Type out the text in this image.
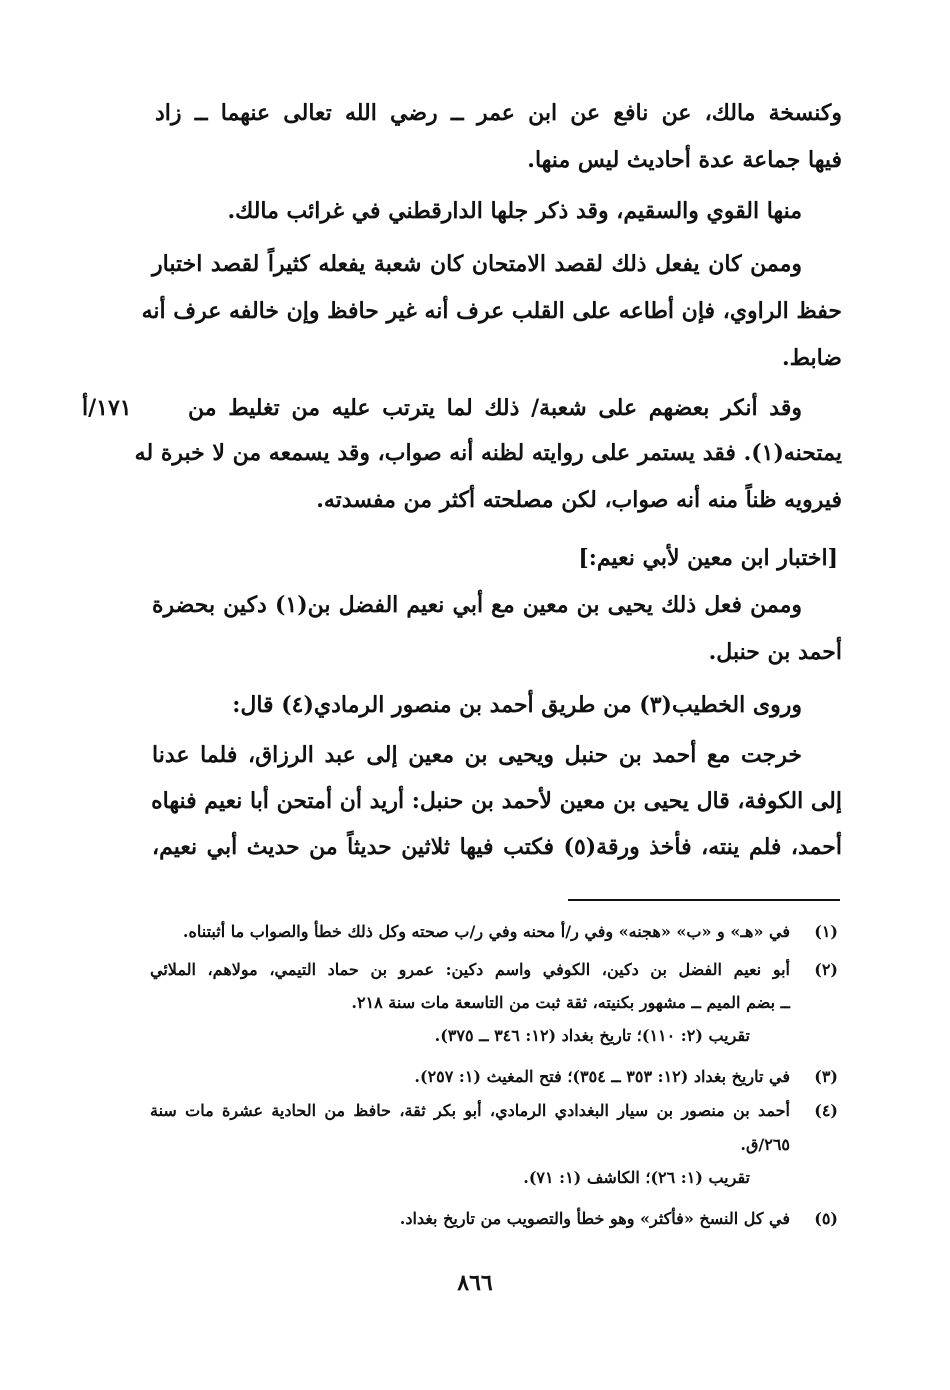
وكنسخة مالك، عن نافع عن ابن عمر ــ رضي الله تعالى عنهما ــ زاد
فيها جماعة عدة أحاديث ليس منها.
منها القوي والسقيم، وقد ذكر جلها الدارقطني في غرائب مالك.
وممن كان يفعل ذلك لقصد الامتحان كان شعبة يفعله كثيراً لقصد اختبار
حفظ الراوي، فإن أطاعه على القلب عرف أنه غير حافظ وإن خالفه عرف أنه
ضابط.
وقد أنكر بعضهم على شعبة/ ذلك لما يترتب عليه من تغليط من
١٧١/أ
يمتحنه(١). فقد يستمر على روايته لظنه أنه صواب، وقد يسمعه من لا خبرة له
فيرويه ظناً منه أنه صواب، لكن مصلحته أكثر من مفسدته.
[اختبار ابن معين لأبي نعيم:]
وممن فعل ذلك يحيى بن معين مع أبي نعيم الفضل بن(١) دكين بحضرة
أحمد بن حنبل.
وروى الخطيب(٣) من طريق أحمد بن منصور الرمادي(٤) قال:
خرجت مع أحمد بن حنبل ويحيى بن معين إلى عبد الرزاق، فلما عدنا
إلى الكوفة، قال يحيى بن معين لأحمد بن حنبل: أريد أن أمتحن أبا نعيم فنهاه
أحمد، فلم ينته، فأخذ ورقة(٥) فكتب فيها ثلاثين حديثاً من حديث أبي نعيم،
(١)
في «هـ» و «ب» «هجنه» وفي ر/أ محنه وفي ر/ب صحته وكل ذلك خطأ والصواب ما أثبتناه.
(٢)
أبو نعيم الفضل بن دكين، الكوفي واسم دكين: عمرو بن حماد التيمي، مولاهم، الملائي
ــ بضم الميم ــ مشهور بكنيته، ثقة ثبت من التاسعة مات سنة ٢١٨.
تقريب (٢: ١١٠)؛ تاريخ بغداد (١٢: ٣٤٦ ــ ٣٧٥).
(٣)
في تاريخ بغداد (١٢: ٣٥٣ ــ ٣٥٤)؛ فتح المغيث (١: ٢٥٧).
(٤)
أحمد بن منصور بن سيار البغدادي الرمادي، أبو بكر ثقة، حافظ من الحادية عشرة مات سنة
٢٦٥/ق.
تقريب (١: ٢٦)؛ الكاشف (١: ٧١).
(٥)
في كل النسخ «فأكثر» وهو خطأ والتصويب من تاريخ بغداد.
٨٦٦
